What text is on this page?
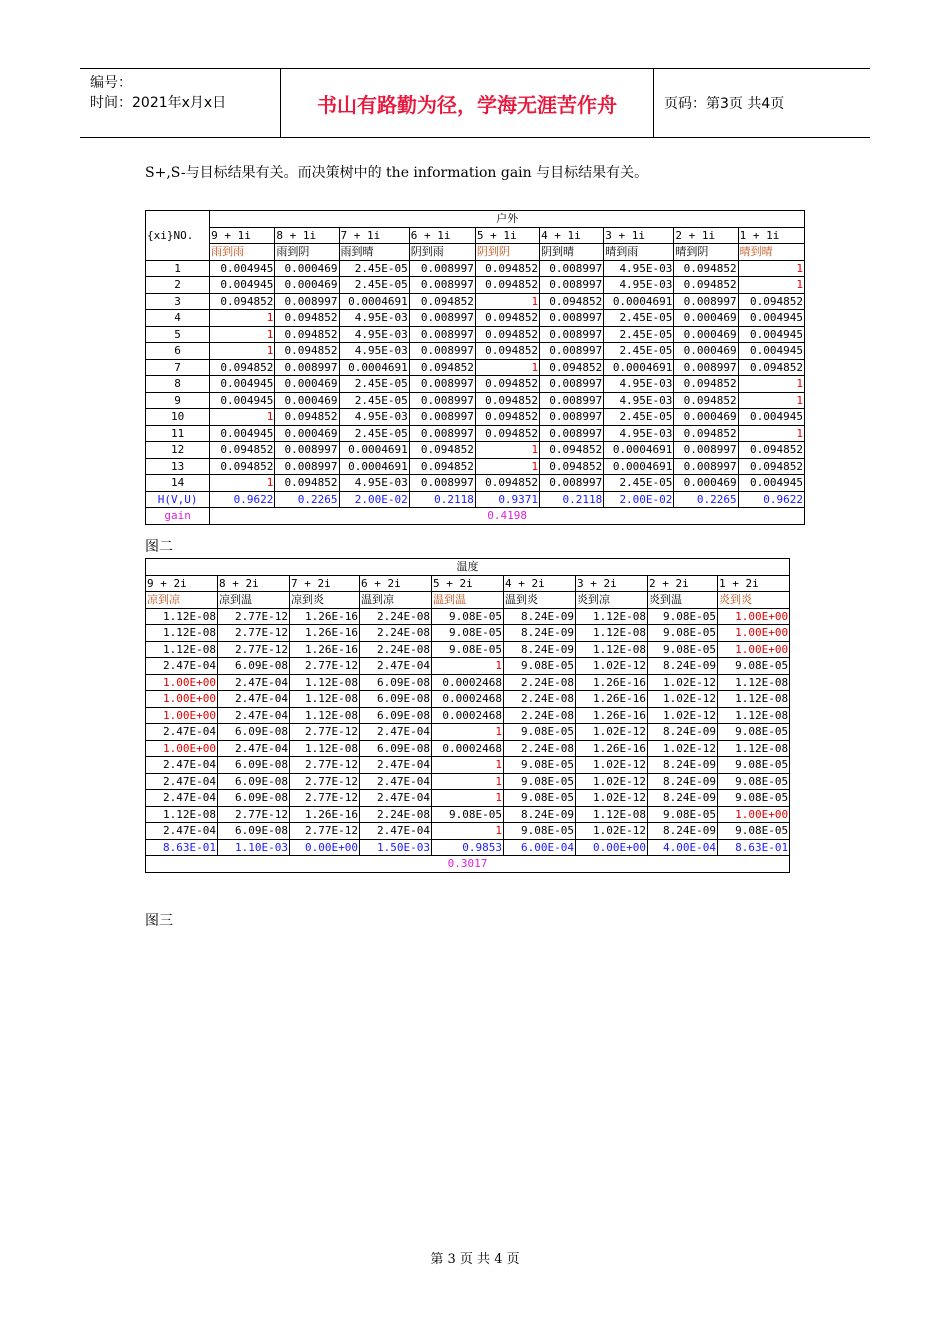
编号：
时间：2021年x月x日	书山有路勤为径，学海无涯苦作舟	页码：第3页 共4页
S+,S-与目标结果有关。而决策树中的 the information gain 与目标结果有关。
{xi}NO.	户外								
	9 + 1i	8 + 1i	7 + 1i	6 + 1i	5 + 1i	4 + 1i	3 + 1i	2 + 1i	1 + 1i
	雨到雨	雨到阴	雨到晴	阴到雨	阴到阴	阴到晴	晴到雨	晴到阴	晴到晴
1	0.004945	0.000469	2.45E-05	0.008997	0.094852	0.008997	4.95E-03	0.094852	1
2	0.004945	0.000469	2.45E-05	0.008997	0.094852	0.008997	4.95E-03	0.094852	1
3	0.094852	0.008997	0.0004691	0.094852	1	0.094852	0.0004691	0.008997	0.094852
4	1	0.094852	4.95E-03	0.008997	0.094852	0.008997	2.45E-05	0.000469	0.004945
5	1	0.094852	4.95E-03	0.008997	0.094852	0.008997	2.45E-05	0.000469	0.004945
6	1	0.094852	4.95E-03	0.008997	0.094852	0.008997	2.45E-05	0.000469	0.004945
7	0.094852	0.008997	0.0004691	0.094852	1	0.094852	0.0004691	0.008997	0.094852
8	0.004945	0.000469	2.45E-05	0.008997	0.094852	0.008997	4.95E-03	0.094852	1
9	0.004945	0.000469	2.45E-05	0.008997	0.094852	0.008997	4.95E-03	0.094852	1
10	1	0.094852	4.95E-03	0.008997	0.094852	0.008997	2.45E-05	0.000469	0.004945
11	0.004945	0.000469	2.45E-05	0.008997	0.094852	0.008997	4.95E-03	0.094852	1
12	0.094852	0.008997	0.0004691	0.094852	1	0.094852	0.0004691	0.008997	0.094852
13	0.094852	0.008997	0.0004691	0.094852	1	0.094852	0.0004691	0.008997	0.094852
14	1	0.094852	4.95E-03	0.008997	0.094852	0.008997	2.45E-05	0.000469	0.004945
H(V,U)	0.9622	0.2265	2.00E-02	0.2118	0.9371	0.2118	2.00E-02	0.2265	0.9622
gain	0.4198								
图二
温度								
9 + 2i	8 + 2i	7 + 2i	6 + 2i	5 + 2i	4 + 2i	3 + 2i	2 + 2i	1 + 2i
凉到凉	凉到温	凉到炎	温到凉	温到温	温到炎	炎到凉	炎到温	炎到炎
1.12E-08	2.77E-12	1.26E-16	2.24E-08	9.08E-05	8.24E-09	1.12E-08	9.08E-05	1.00E+00
1.12E-08	2.77E-12	1.26E-16	2.24E-08	9.08E-05	8.24E-09	1.12E-08	9.08E-05	1.00E+00
1.12E-08	2.77E-12	1.26E-16	2.24E-08	9.08E-05	8.24E-09	1.12E-08	9.08E-05	1.00E+00
2.47E-04	6.09E-08	2.77E-12	2.47E-04	1	9.08E-05	1.02E-12	8.24E-09	9.08E-05
1.00E+00	2.47E-04	1.12E-08	6.09E-08	0.0002468	2.24E-08	1.26E-16	1.02E-12	1.12E-08
1.00E+00	2.47E-04	1.12E-08	6.09E-08	0.0002468	2.24E-08	1.26E-16	1.02E-12	1.12E-08
1.00E+00	2.47E-04	1.12E-08	6.09E-08	0.0002468	2.24E-08	1.26E-16	1.02E-12	1.12E-08
2.47E-04	6.09E-08	2.77E-12	2.47E-04	1	9.08E-05	1.02E-12	8.24E-09	9.08E-05
1.00E+00	2.47E-04	1.12E-08	6.09E-08	0.0002468	2.24E-08	1.26E-16	1.02E-12	1.12E-08
2.47E-04	6.09E-08	2.77E-12	2.47E-04	1	9.08E-05	1.02E-12	8.24E-09	9.08E-05
2.47E-04	6.09E-08	2.77E-12	2.47E-04	1	9.08E-05	1.02E-12	8.24E-09	9.08E-05
2.47E-04	6.09E-08	2.77E-12	2.47E-04	1	9.08E-05	1.02E-12	8.24E-09	9.08E-05
1.12E-08	2.77E-12	1.26E-16	2.24E-08	9.08E-05	8.24E-09	1.12E-08	9.08E-05	1.00E+00
2.47E-04	6.09E-08	2.77E-12	2.47E-04	1	9.08E-05	1.02E-12	8.24E-09	9.08E-05
8.63E-01	1.10E-03	0.00E+00	1.50E-03	0.9853	6.00E-04	0.00E+00	4.00E-04	8.63E-01
0.3017								
图三
第 3 页 共 4 页
